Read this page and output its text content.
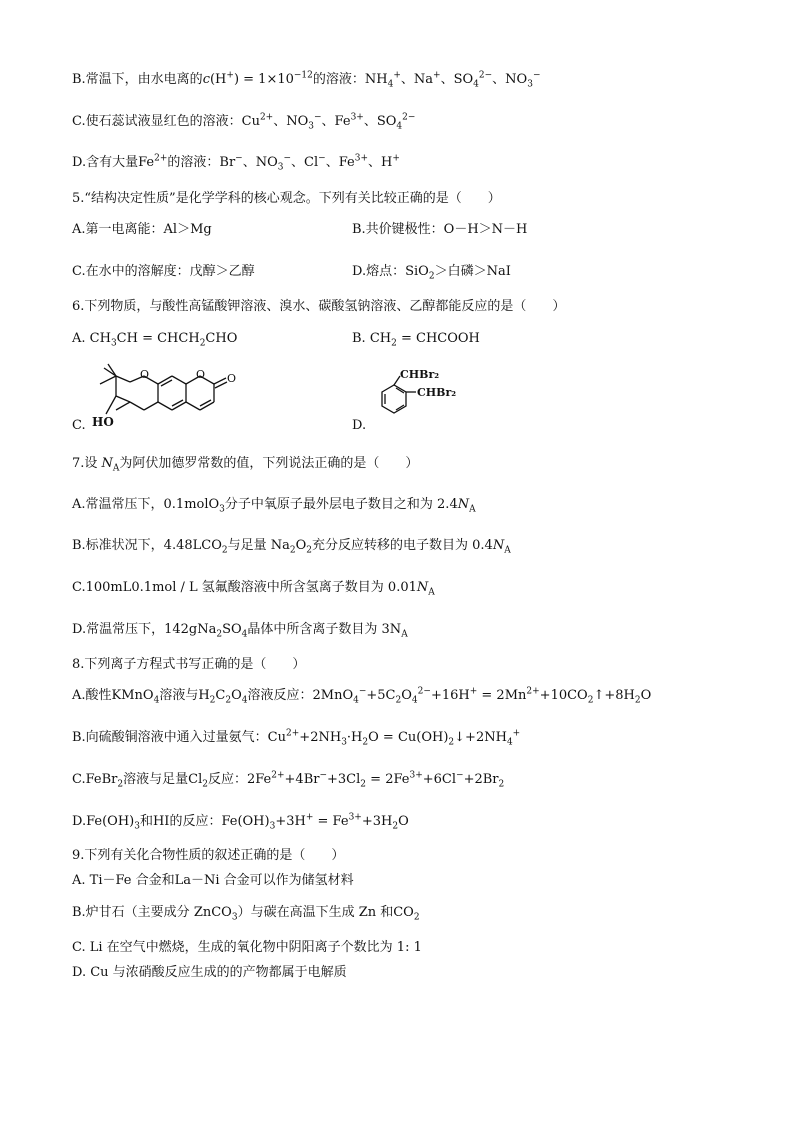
B.常温下，由水电离的$c(H^+) = 1\times 10^{-12}$的溶液：$NH_4^+$、Na+、$SO_4^{2-}$、$NO_3^-$
C.使石蕊试液显红色的溶液：$Cu^{2+}$、$NO_3^-$、$Fe^{3+}$、$SO_4^{2-}$
D.含有大量$Fe^{2+}$的溶液：Br−、$NO_3^-$、Cl−、$Fe^{3+}$、H+
5.“结构决定性质”是化学学科的核心观念。下列有关比较正确的是（　　）
A.第一电离能：Al＞Mg	B.共价键极性：O－H＞N－H
C.在水中的溶解度：戊醇＞乙醇	D.熔点：SiO$_2$＞白磷＞NaI
6.下列物质，与酸性高锰酸钾溶液、溴水、碳酸氢钠溶液、乙醇都能反应的是（　　）
A. $CH_3CH$ = $CHCH_2CHO$	B. $CH_2$ = CHCOOH
C. HO
O	O O
D.
CHBr₂
CHBr₂
7.设 $N_A$为阿伏加德罗常数的值，下列说法正确的是（　　）
A.常温常压下，0.1molO$_3$分子中氧原子最外层电子数目之和为 $2.4N_A$
B.标准状况下，$4.48LCO_2$与足量 $Na_2O_2$充分反应转移的电子数目为 $0.4N_A$
C.100mL0.1mol / L 氢氟酸溶液中所含氢离子数目为 $0.01N_A$
D.常温常压下，$142gNa_2SO_4$晶体中所含离子数目为 $3N_A$
8.下列离子方程式书写正确的是（　　）
A.酸性KMnO$_4$溶液与$H_2C_2O_4$溶液反应：$2MnO_4^-+5C_2O_4^{2-}+16H^+$ = $2Mn^{2+}+10CO_2↑+8H_2O$
B.向硫酸铜溶液中通入过量氨气：$Cu^{2+}+2NH_3\cdot H_2O$ = $Cu(OH)_2↓+2NH_4^+$
C.FeBr$_2$溶液与足量$Cl_2$反应：$2Fe^{2+}+4Br^-+3Cl_2 = 2Fe^{3+}+6Cl^-+2Br_2$
$D.Fe(OH)_3$和HI的反应：$Fe(OH)_3+3H^+ = Fe^{3+}+3H_2O$
9.下列有关化合物性质的叙述正确的是（　　）
A. Ti－Fe 合金和La－Ni 合金可以作为储氢材料
B.炉甘石（主要成分 ZnCO$_3$）与碳在高温下生成 Zn 和$CO_2$
C. Li 在空气中燃烧，生成的氧化物中阴阳离子个数比为 1: 1
D. Cu 与浓硝酸反应生成的的产物都属于电解质
